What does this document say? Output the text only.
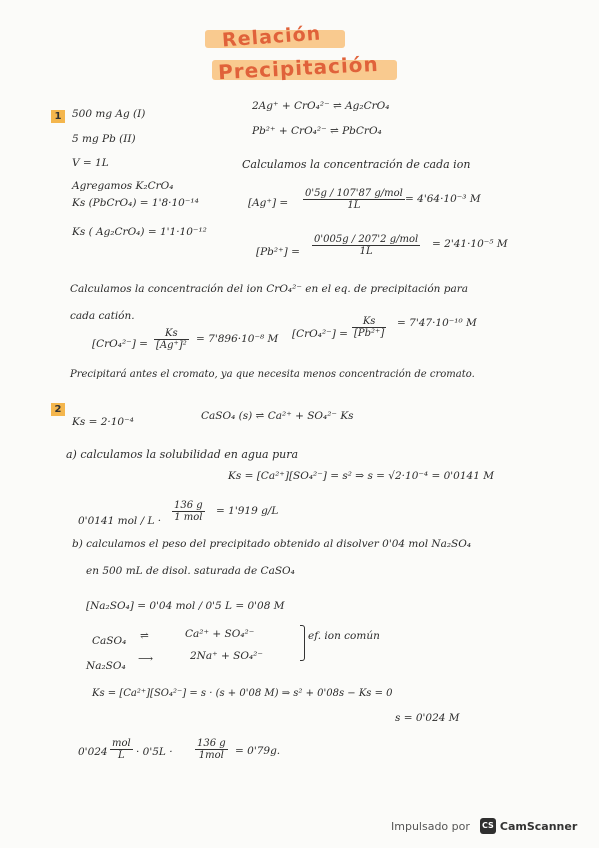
Relación
Precipitación
1	500 mg Ag (I)
5 mg Pb (II)
V = 1L
Agregamos K₂CrO₄
Ks (PbCrO₄) = 1'8·10⁻¹⁴
Ks ( Ag₂CrO₄) = 1'1·10⁻¹²
2Ag⁺ + CrO₄²⁻ ⇌ Ag₂CrO₄
Pb²⁺ + CrO₄²⁻ ⇌ PbCrO₄
Calculamos la concentración de cada ion
[Ag⁺] =
0'5g / 107'87 g/mol
1L
= 4'64·10⁻³ M
[Pb²⁺] =
0'005g / 207'2 g/mol
1L
= 2'41·10⁻⁵ M
Calculamos la concentración del ion CrO₄²⁻ en el eq. de precipitación para
cada catión.
$[CrO_4^{2-}] = \frac{Ks}{\text{[Ag⁺]²}} = 7'896\cdot 10^{-8}$ M $[CrO_4^{2-}] = \frac{Ks}{\text{[Pb²⁺]}} = 7'47\cdot 10^{-10}$ M
Precipitará antes el cromato, ya que necesita menos concentración de cromato.
2
Ks = 2·10⁻⁴	CaSO₄ (s) ⇌ Ca²⁺ + SO₄²⁻ Ks
a) calculamos la solubilidad en agua pura
Ks = [Ca²⁺][SO₄²⁻] = s² ⇒ s = √2·10⁻⁴ = 0'0141 M
0'0141 mol / L ·
136 g
1 mol
= 1'919 g/L
b) calculamos el peso del precipitado obtenido al disolver 0'04 mol Na₂SO₄
en 500 mL de disol. saturada de CaSO₄
[Na₂SO₄] = 0'04 mol / 0'5 L = 0'08 M
CaSO₄ ⇌	Ca²⁺ + SO₄²⁻
Na₂SO₄
⟶	2Na⁺ + SO₄²⁻
ef. ion común
Ks = [Ca²⁺][SO₄²⁻] = s · (s + 0'08 M) ⇒ s² + 0'08s − Ks = 0
s = 0'024 M
0'024
mol
L	· 0'5L ·
136 g
1mol	= 0'79g.
Impulsado por CS CamScanner
